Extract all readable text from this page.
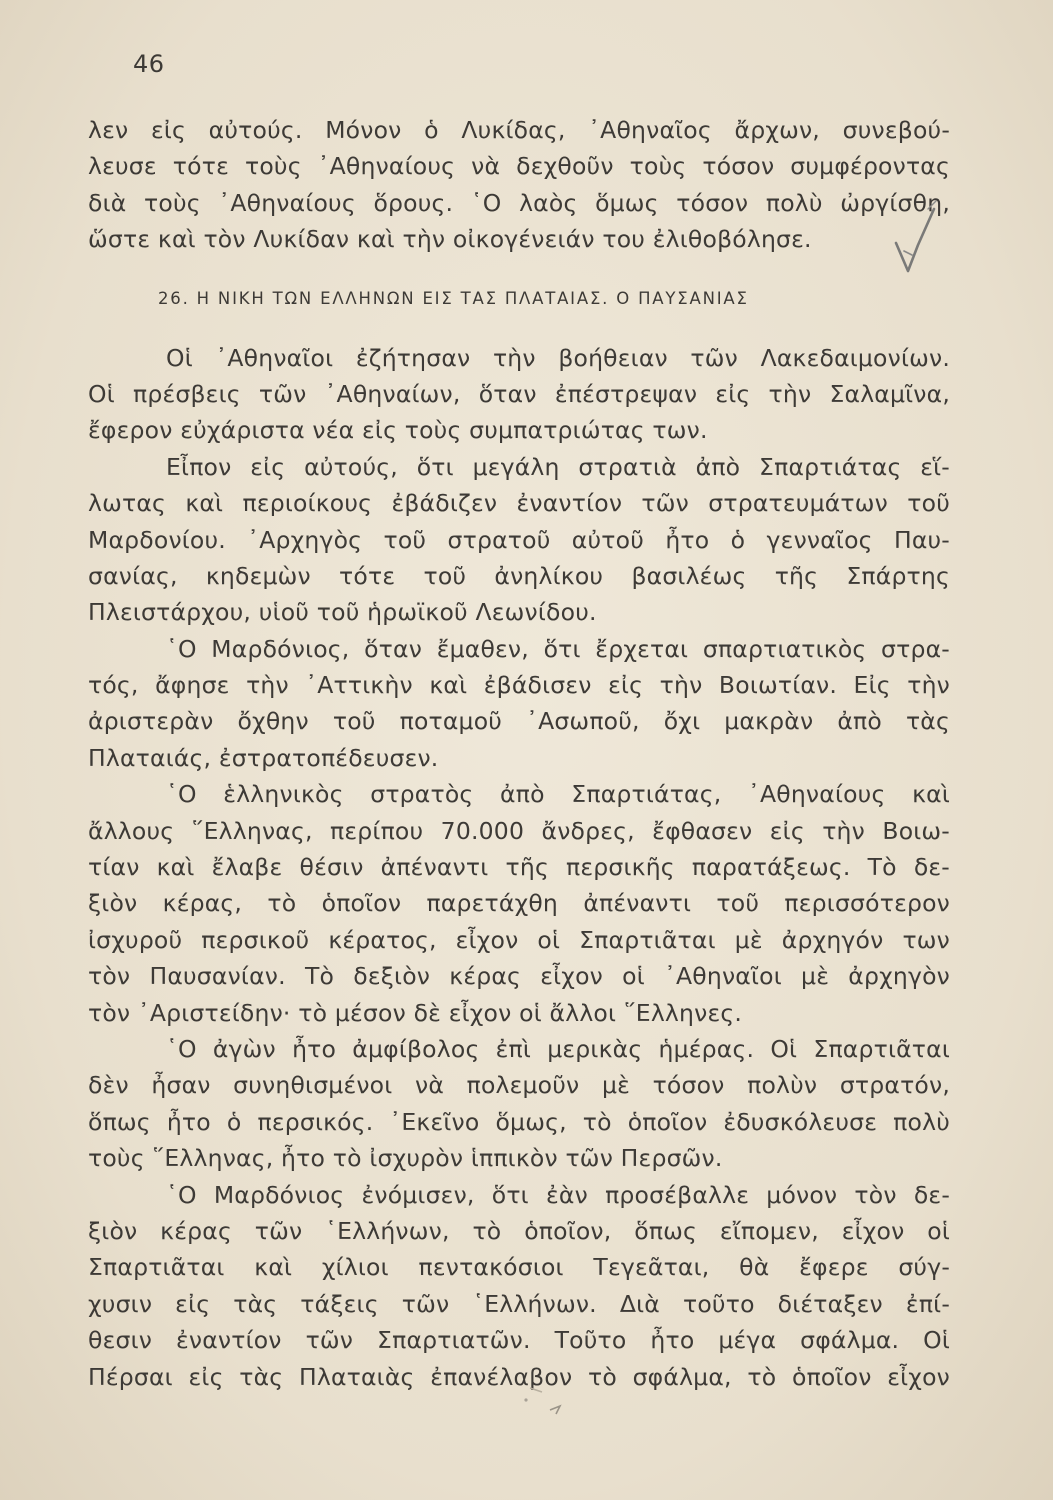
46
λεν εἰς αὐτούς. Μόνον ὁ Λυκίδας, ᾿Αθηναῖος ἄρχων, συνεβού-
λευσε τότε τοὺς ᾿Αθηναίους νὰ δεχθοῦν τοὺς τόσον συμφέροντας
διὰ τοὺς ᾿Αθηναίους ὅρους. ῾Ο λαὸς ὅμως τόσον πολὺ ὠργίσθη,
ὥστε καὶ τὸν Λυκίδαν καὶ τὴν οἰκογένειάν του ἐλιθοβόλησε.
26. Η ΝΙΚΗ ΤΩΝ ΕΛΛΗΝΩΝ ΕΙΣ ΤΑΣ ΠΛΑΤΑΙΑΣ. Ο ΠΑΥΣΑΝΙΑΣ
Οἱ ᾿Αθηναῖοι ἐζήτησαν τὴν βοήθειαν τῶν Λακεδαιμονίων.
Οἱ πρέσβεις τῶν ᾿Αθηναίων, ὅταν ἐπέστρεψαν εἰς τὴν Σαλαμῖνα,
ἔφερον εὐχάριστα νέα εἰς τοὺς συμπατριώτας των.
Εἶπον εἰς αὐτούς, ὅτι μεγάλη στρατιὰ ἀπὸ Σπαρτιάτας εἵ-
λωτας καὶ περιοίκους ἐβάδιζεν ἐναντίον τῶν στρατευμάτων τοῦ
Μαρδονίου. ᾿Αρχηγὸς τοῦ στρατοῦ αὐτοῦ ἦτο ὁ γενναῖος Παυ-
σανίας, κηδεμὼν τότε τοῦ ἀνηλίκου βασιλέως τῆς Σπάρτης
Πλειστάρχου, υἱοῦ τοῦ ἡρωϊκοῦ Λεωνίδου.
῾Ο Μαρδόνιος, ὅταν ἔμαθεν, ὅτι ἔρχεται σπαρτιατικὸς στρα-
τός, ἄφησε τὴν ᾿Αττικὴν καὶ ἐβάδισεν εἰς τὴν Βοιωτίαν. Εἰς τὴν
ἀριστερὰν ὄχθην τοῦ ποταμοῦ ᾿Ασωποῦ, ὄχι μακρὰν ἀπὸ τὰς
Πλαταιάς, ἐστρατοπέδευσεν.
῾Ο ἑλληνικὸς στρατὸς ἀπὸ Σπαρτιάτας, ᾿Αθηναίους καὶ
ἄλλους ῞Ελληνας, περίπου 70.000 ἄνδρες, ἔφθασεν εἰς τὴν Βοιω-
τίαν καὶ ἔλαβε θέσιν ἀπέναντι τῆς περσικῆς παρατάξεως. Τὸ δε-
ξιὸν κέρας, τὸ ὁποῖον παρετάχθη ἀπέναντι τοῦ περισσότερον
ἰσχυροῦ περσικοῦ κέρατος, εἶχον οἱ Σπαρτιᾶται μὲ ἀρχηγόν των
τὸν Παυσανίαν. Τὸ δεξιὸν κέρας εἶχον οἱ ᾿Αθηναῖοι μὲ ἀρχηγὸν
τὸν ᾿Αριστείδην· τὸ μέσον δὲ εἶχον οἱ ἄλλοι ῞Ελληνες.
῾Ο ἀγὼν ἦτο ἀμφίβολος ἐπὶ μερικὰς ἡμέρας. Οἱ Σπαρτιᾶται
δὲν ἦσαν συνηθισμένοι νὰ πολεμοῦν μὲ τόσον πολὺν στρατόν,
ὅπως ἦτο ὁ περσικός. ᾿Εκεῖνο ὅμως, τὸ ὁποῖον ἐδυσκόλευσε πολὺ
τοὺς ῞Ελληνας, ἦτο τὸ ἰσχυρὸν ἱππικὸν τῶν Περσῶν.
῾Ο Μαρδόνιος ἐνόμισεν, ὅτι ἐὰν προσέβαλλε μόνον τὸν δε-
ξιὸν κέρας τῶν ῾Ελλήνων, τὸ ὁποῖον, ὅπως εἴπομεν, εἶχον οἱ
Σπαρτιᾶται καὶ χίλιοι πεντακόσιοι Τεγεᾶται, θὰ ἔφερε σύγ-
χυσιν εἰς τὰς τάξεις τῶν ῾Ελλήνων. Διὰ τοῦτο διέταξεν ἐπί-
θεσιν ἐναντίον τῶν Σπαρτιατῶν. Τοῦτο ἦτο μέγα σφάλμα. Οἱ
Πέρσαι εἰς τὰς Πλαταιὰς ἐπανέλαβον τὸ σφάλμα, τὸ ὁποῖον εἶχον
